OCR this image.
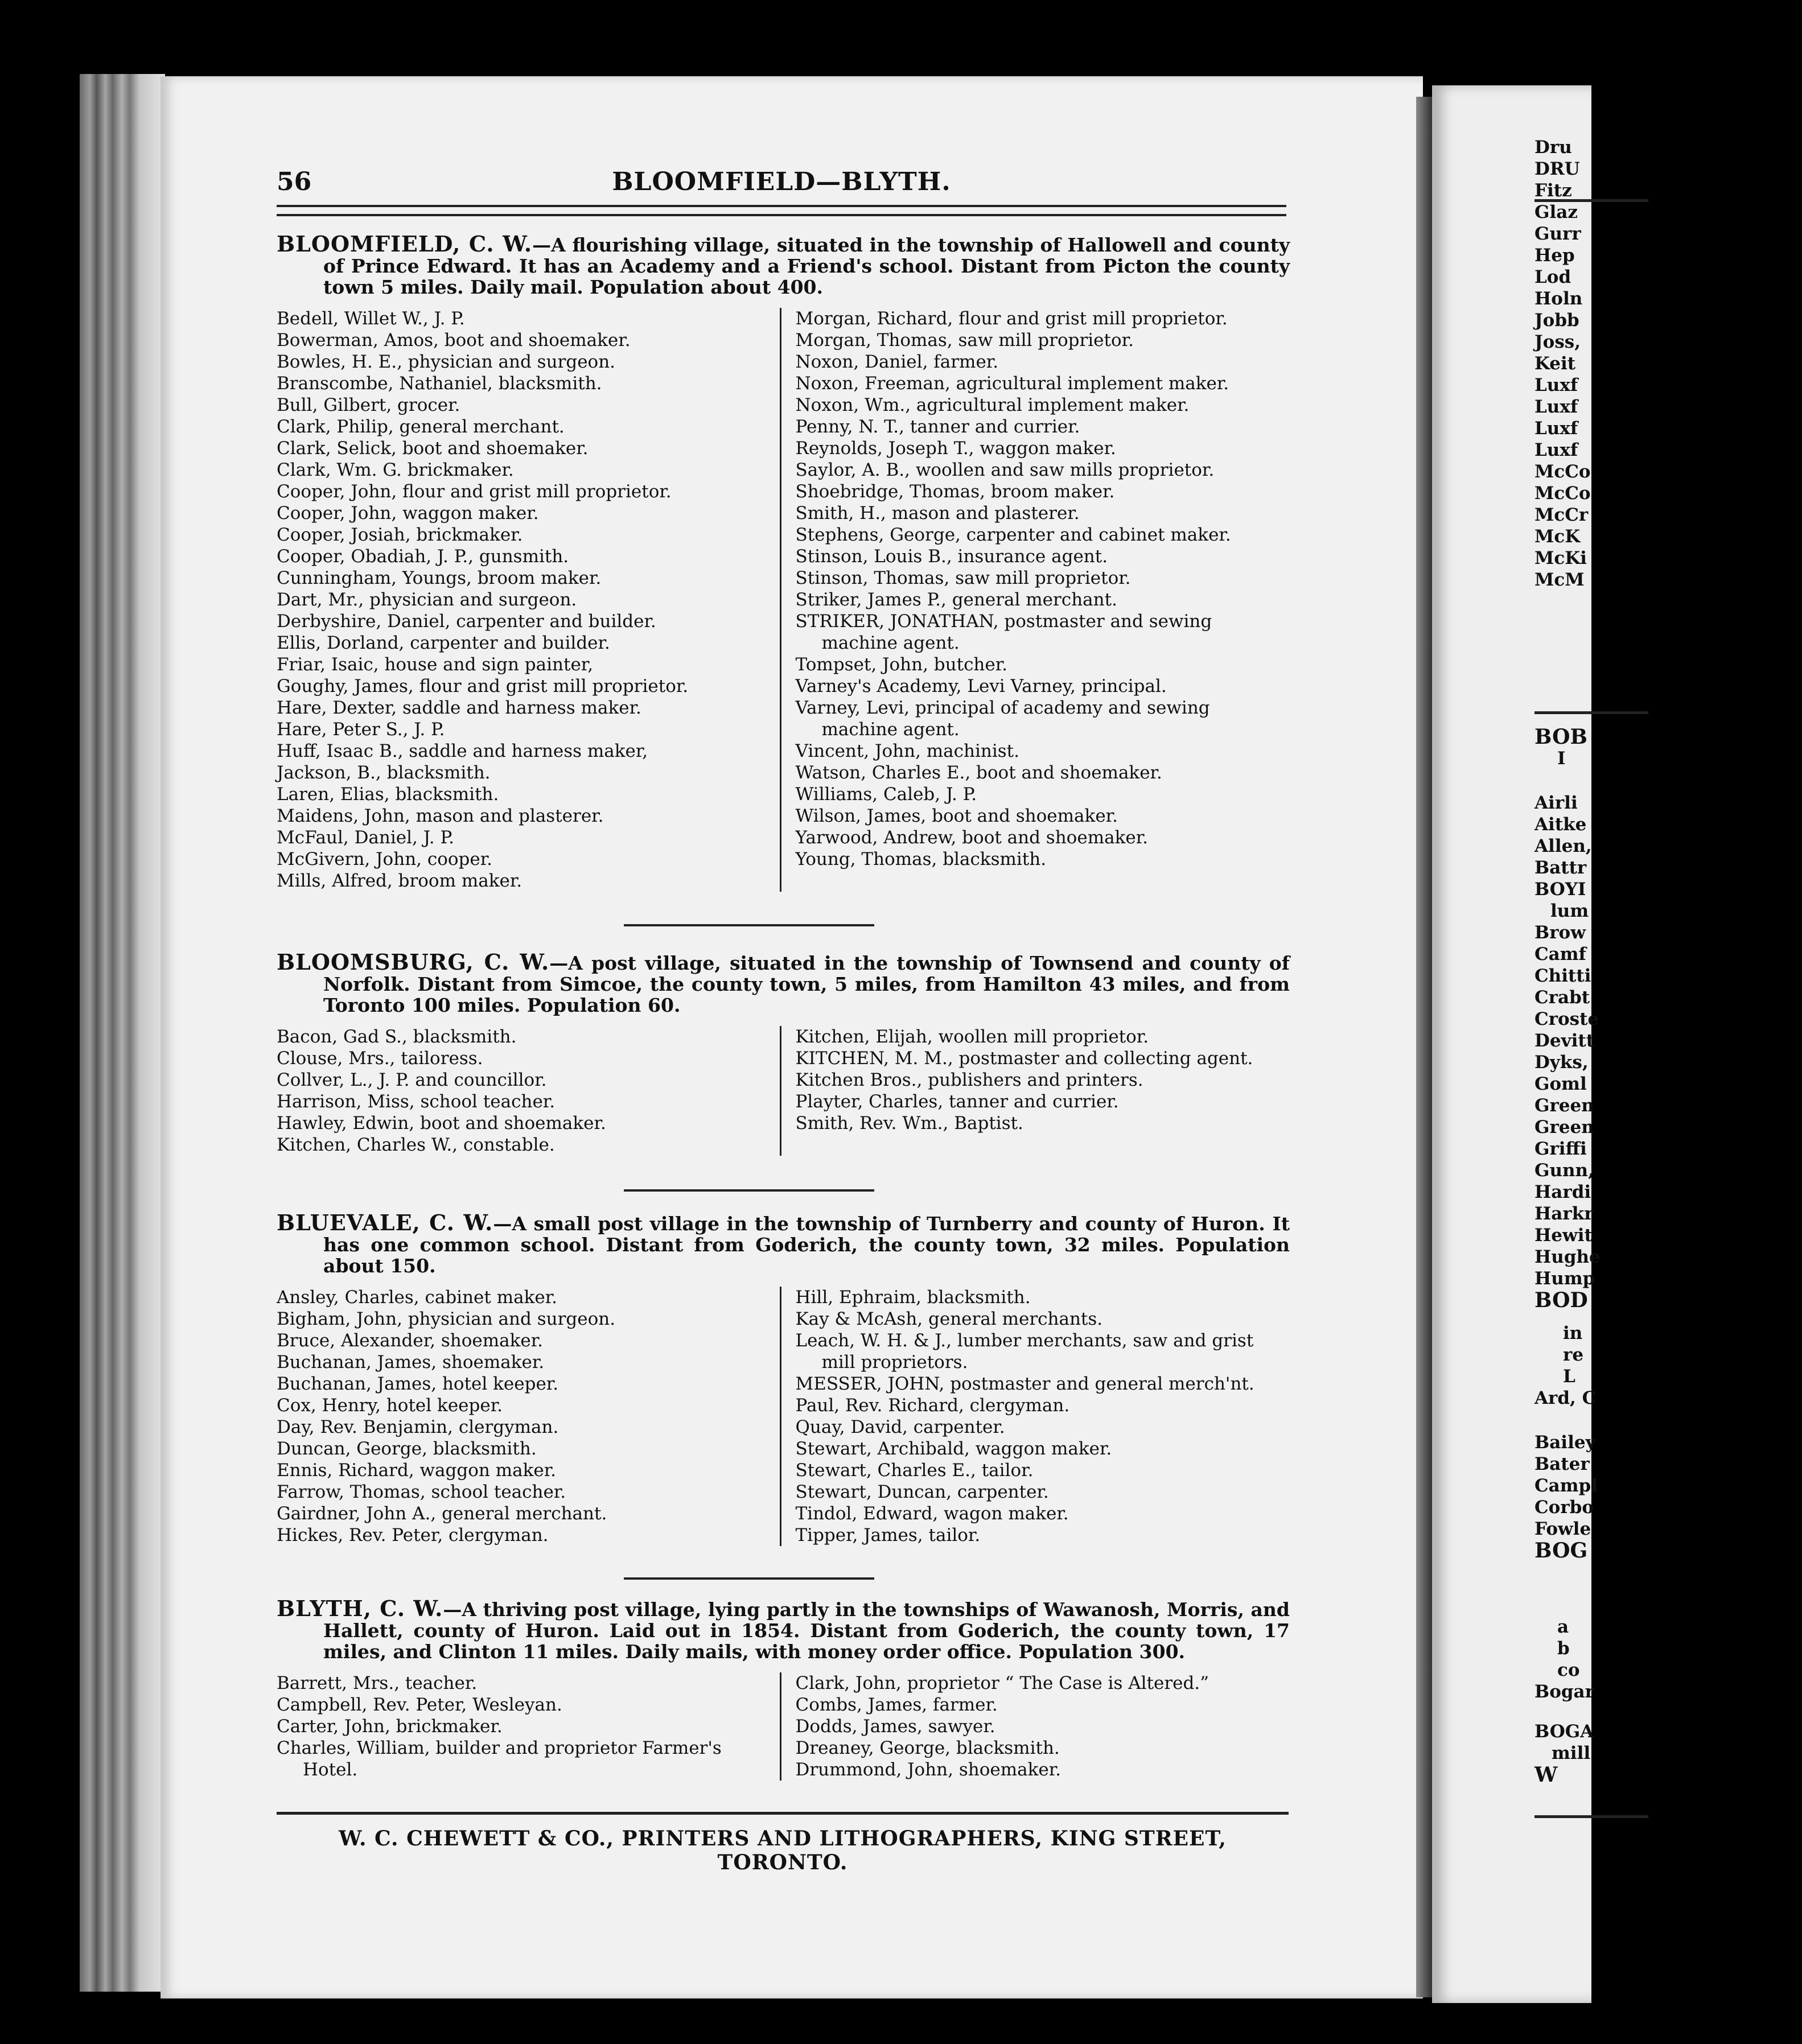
Dru
DRU
Fitz
Glaz
Gurr
Hep
Lod
Holn
Jobb
Joss,
Keit
Luxf
Luxf
Luxf
Luxf
McCo
McCo
McCr
McK
McKi
McM
BOB
I
Airli
Aitke
Allen,
Battr
BOYI
lum
Brow
Camf
Chitti
Crabt
Croste
Devitt
Dyks,
Goml
Green
Green
Griffi
Gunn,
Hardi
Harkr
Hewit
Hughe
Hump
BOD
in
re
L
Ard, C
Bailey
Bater
Campl
Corbo
Fowle
BOG
a
b
co
Bogar
BOGA
mill
W
56	BLOOMFIELD—BLYTH.
BLOOMFIELD, C. W.—A flourishing village, situated in the township of Hallowell and county of Prince Edward. It has an Academy and a Friend's school. Distant from Picton the county town 5 miles. Daily mail. Population about 400.
Bedell, Willet W., J. P.
Bowerman, Amos, boot and shoemaker.
Bowles, H. E., physician and surgeon.
Branscombe, Nathaniel, blacksmith.
Bull, Gilbert, grocer.
Clark, Philip, general merchant.
Clark, Selick, boot and shoemaker.
Clark, Wm. G. brickmaker.
Cooper, John, flour and grist mill proprietor.
Cooper, John, waggon maker.
Cooper, Josiah, brickmaker.
Cooper, Obadiah, J. P., gunsmith.
Cunningham, Youngs, broom maker.
Dart, Mr., physician and surgeon.
Derbyshire, Daniel, carpenter and builder.
Ellis, Dorland, carpenter and builder.
Friar, Isaic, house and sign painter,
Goughy, James, flour and grist mill proprietor.
Hare, Dexter, saddle and harness maker.
Hare, Peter S., J. P.
Huff, Isaac B., saddle and harness maker,
Jackson, B., blacksmith.
Laren, Elias, blacksmith.
Maidens, John, mason and plasterer.
McFaul, Daniel, J. P.
McGivern, John, cooper.
Mills, Alfred, broom maker.
Morgan, Richard, flour and grist mill proprietor.
Morgan, Thomas, saw mill proprietor.
Noxon, Daniel, farmer.
Noxon, Freeman, agricultural implement maker.
Noxon, Wm., agricultural implement maker.
Penny, N. T., tanner and currier.
Reynolds, Joseph T., waggon maker.
Saylor, A. B., woollen and saw mills proprietor.
Shoebridge, Thomas, broom maker.
Smith, H., mason and plasterer.
Stephens, George, carpenter and cabinet maker.
Stinson, Louis B., insurance agent.
Stinson, Thomas, saw mill proprietor.
Striker, James P., general merchant.
STRIKER, JONATHAN, postmaster and sewing machine agent.
Tompset, John, butcher.
Varney's Academy, Levi Varney, principal.
Varney, Levi, principal of academy and sewing machine agent.
Vincent, John, machinist.
Watson, Charles E., boot and shoemaker.
Williams, Caleb, J. P.
Wilson, James, boot and shoemaker.
Yarwood, Andrew, boot and shoemaker.
Young, Thomas, blacksmith.
BLOOMSBURG, C. W.—A post village, situated in the township of Townsend and county of Norfolk. Distant from Simcoe, the county town, 5 miles, from Hamilton 43 miles, and from Toronto 100 miles. Population 60.
Bacon, Gad S., blacksmith.
Clouse, Mrs., tailoress.
Collver, L., J. P. and councillor.
Harrison, Miss, school teacher.
Hawley, Edwin, boot and shoemaker.
Kitchen, Charles W., constable.
Kitchen, Elijah, woollen mill proprietor.
KITCHEN, M. M., postmaster and collecting agent.
Kitchen Bros., publishers and printers.
Playter, Charles, tanner and currier.
Smith, Rev. Wm., Baptist.
BLUEVALE, C. W.—A small post village in the township of Turnberry and county of Huron. It has one common school. Distant from Goderich, the county town, 32 miles. Population about 150.
Ansley, Charles, cabinet maker.
Bigham, John, physician and surgeon.
Bruce, Alexander, shoemaker.
Buchanan, James, shoemaker.
Buchanan, James, hotel keeper.
Cox, Henry, hotel keeper.
Day, Rev. Benjamin, clergyman.
Duncan, George, blacksmith.
Ennis, Richard, waggon maker.
Farrow, Thomas, school teacher.
Gairdner, John A., general merchant.
Hickes, Rev. Peter, clergyman.
Hill, Ephraim, blacksmith.
Kay & McAsh, general merchants.
Leach, W. H. & J., lumber merchants, saw and grist mill proprietors.
MESSER, JOHN, postmaster and general merch'nt.
Paul, Rev. Richard, clergyman.
Quay, David, carpenter.
Stewart, Archibald, waggon maker.
Stewart, Charles E., tailor.
Stewart, Duncan, carpenter.
Tindol, Edward, wagon maker.
Tipper, James, tailor.
BLYTH, C. W.—A thriving post village, lying partly in the townships of Wawanosh, Morris, and Hallett, county of Huron. Laid out in 1854. Distant from Goderich, the county town, 17 miles, and Clinton 11 miles. Daily mails, with money order office. Population 300.
Barrett, Mrs., teacher.
Campbell, Rev. Peter, Wesleyan.
Carter, John, brickmaker.
Charles, William, builder and proprietor Farmer's Hotel.
Clark, John, proprietor “ The Case is Altered.”
Combs, James, farmer.
Dodds, James, sawyer.
Dreaney, George, blacksmith.
Drummond, John, shoemaker.
W. C. CHEWETT & CO., PRINTERS AND LITHOGRAPHERS, KING STREET, TORONTO.
